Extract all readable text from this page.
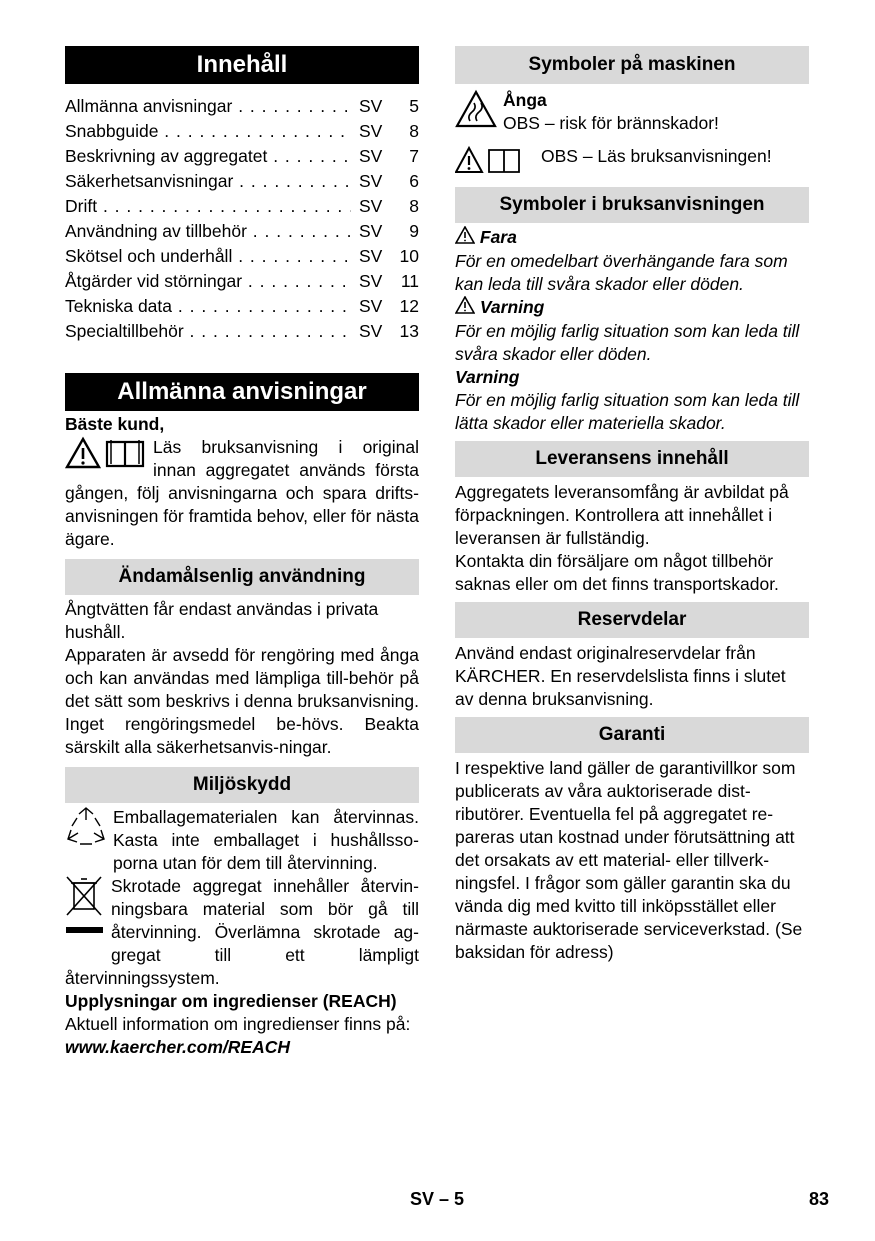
Innehåll
Allmänna anvisningar . . .	SV	5
Snabbguide . . .	SV	8
Beskrivning av aggregatet . . .	SV	7
Säkerhetsanvisningar . . .	SV	6
Drift . . .	SV	8
Användning av tillbehör . . .	SV	9
Skötsel och underhåll . . .	SV 10
Åtgärder vid störningar . . .	SV	11
Tekniska data . . .	SV 12
Specialtillbehör . . .	SV 13
Allmänna anvisningar

Bäste kund,

Läs bruksanvisning i original innan aggregatet används första gången, följ anvisningarna och spara drifts-anvisningen för framtida behov, eller för nästa ägare.

Ändamålsenlig användning

Ångtvätten får endast användas i privata hushåll.

Apparaten är avsedd för rengöring med ånga och kan användas med lämpliga till-behör på det sätt som beskrivs i denna bruksanvisning. Inget rengöringsmedel be-hövs. Beakta särskilt alla säkerhetsanvis-ningar.

Miljöskydd

Emballagematerialen kan återvinnas. Kasta inte emballaget i hushållsso-porna utan för dem till återvinning.

Skrotade aggregat innehåller återvin-ningsbara material som bör gå till återvinning. Överlämna skrotade ag-gregat till ett lämpligt återvinningssystem.

Upplysningar om ingredienser (REACH)

Aktuell information om ingredienser finns på:

www.kaercher.com/REACH

Symboler på maskinen

Ånga

OBS – risk för brännskador!

OBS – Läs bruksanvisningen!

Symboler i bruksanvisningen

Fara

För en omedelbart överhängande fara som kan leda till svåra skador eller döden.

Varning

För en möjlig farlig situation som kan leda till svåra skador eller döden.

Varning

För en möjlig farlig situation som kan leda till lätta skador eller materiella skador.

Leveransens innehåll

Aggregatets leveransomfång är avbildat på förpackningen. Kontrollera att innehållet i leveransen är fullständig.

Kontakta din försäljare om något tillbehör saknas eller om det finns transportskador.

Reservdelar

Använd endast originalreservdelar från KÄRCHER. En reservdelslista finns i slutet av denna bruksanvisning.

Garanti

I respektive land gäller de garantivillkor som publicerats av våra auktoriserade dist-ributörer. Eventuella fel på aggregatet re-pareras utan kostnad under förutsättning att det orsakats av ett material- eller tillverk-ningsfel. I frågor som gäller garantin ska du vända dig med kvitto till inköpsstället eller närmaste auktoriserade serviceverkstad. (Se baksidan för adress)

SV – 5	83
